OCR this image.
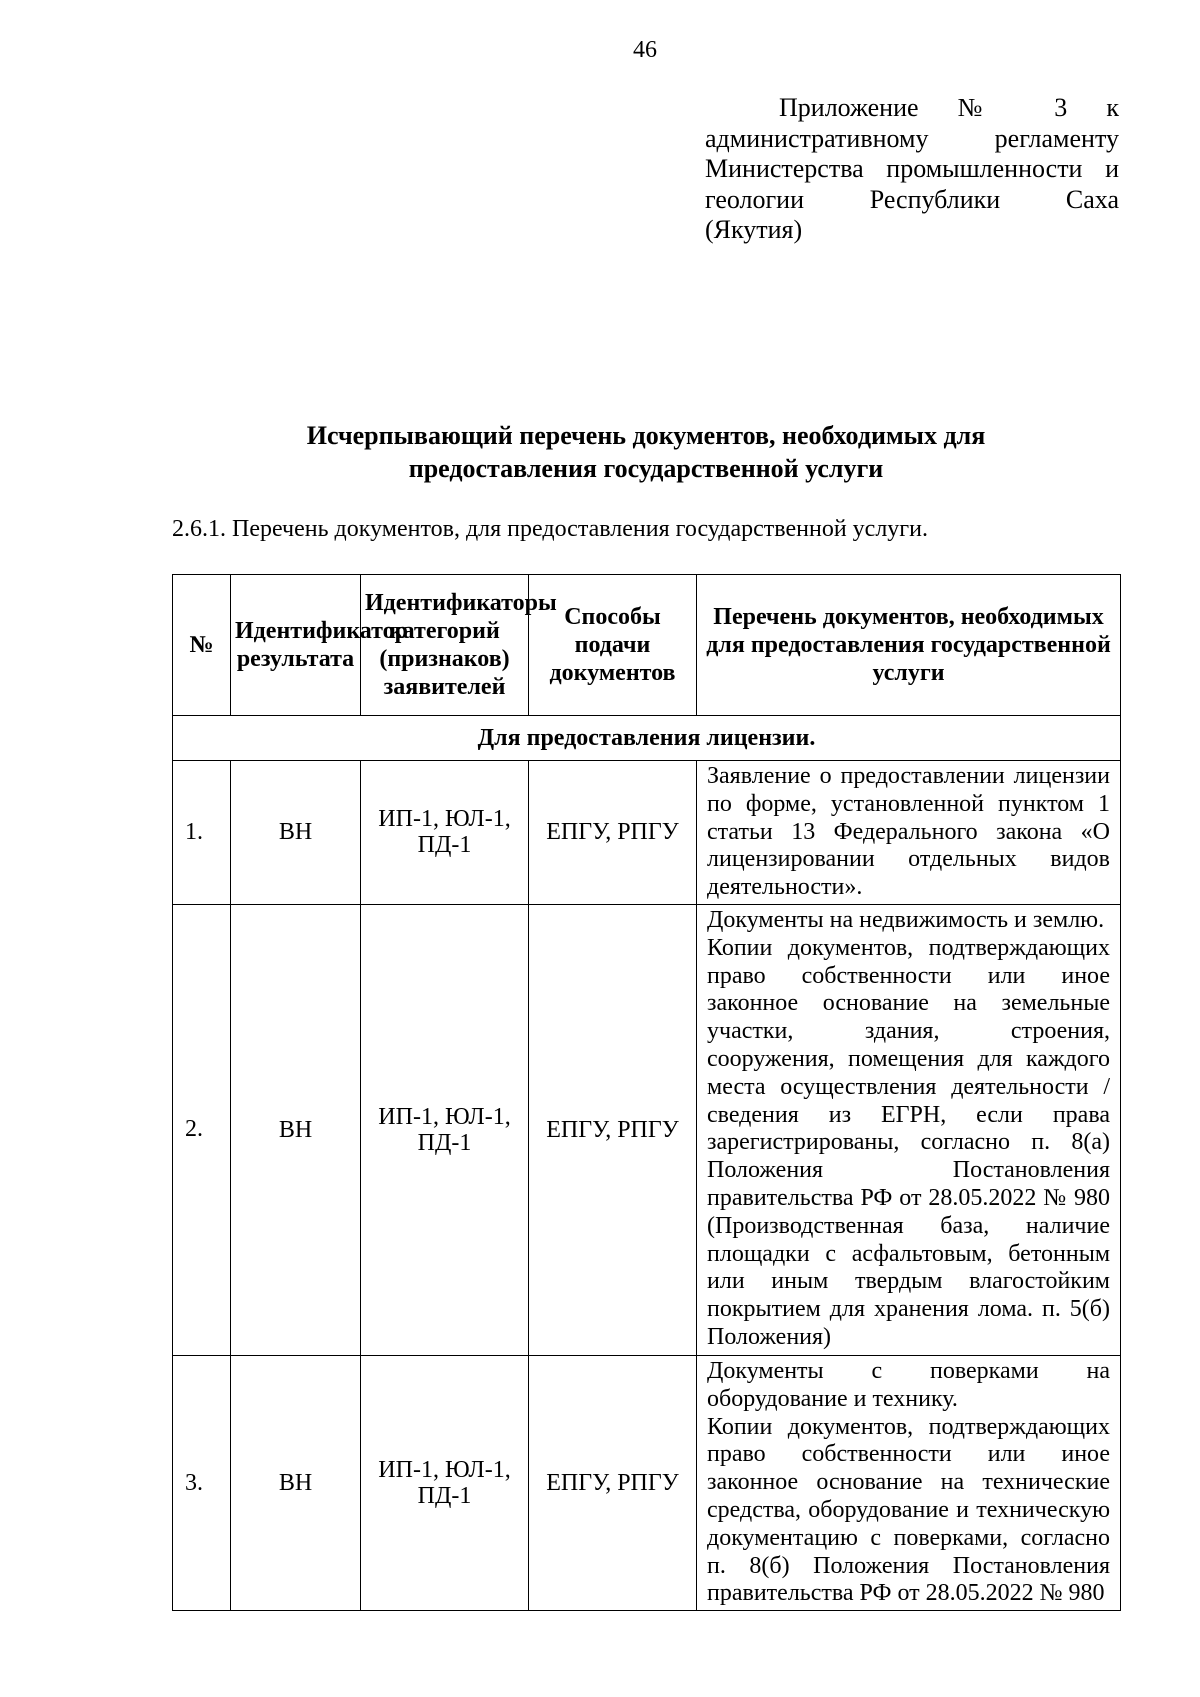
46
Приложение № 3 к
административному регламенту
Министерства промышленности и
геологии Республики Саха
(Якутия)
Исчерпывающий перечень документов, необходимых для
предоставления государственной услуги
2.6.1. Перечень документов, для предоставления государственной услуги.
№	Идентификатор результата	Идентификаторы категорий (признаков) заявителей	Способы подачи документов	Перечень документов, необходимых для предоставления государственной услуги
Для предоставления лицензии.				
1.	ВН	ИП-1, ЮЛ-1, ПД-1	ЕПГУ, РПГУ	Заявление о предоставлении лицензии по форме, установленной пунктом 1 статьи 13 Федерального закона «О лицензировании отдельных видов деятельности».

2.	ВН	ИП-1, ЮЛ-1, ПД-1	ЕПГУ, РПГУ	Документы на недвижимость и землю.
Копии документов, подтверждающих право собственности или иное законное основание на земельные участки, здания, строения, сооружения, помещения для каждого места осуществления деятельности /сведения из ЕГРН, если права зарегистрированы, согласно п. 8(а) Положения Постановления правительства РФ от 28.05.2022 № 980 (Производственная база, наличие площадки с асфальтовым, бетонным или иным твердым влагостойким покрытием для хранения лома. п. 5(б) Положения)

3.	ВН	ИП-1, ЮЛ-1, ПД-1	ЕПГУ, РПГУ	Документы с поверками на оборудование и технику.
Копии документов, подтверждающих право собственности или иное законное основание на технические средства, оборудование и техническую документацию с поверками, согласно п. 8(б) Положения Постановления правительства РФ от 28.05.2022 № 980
